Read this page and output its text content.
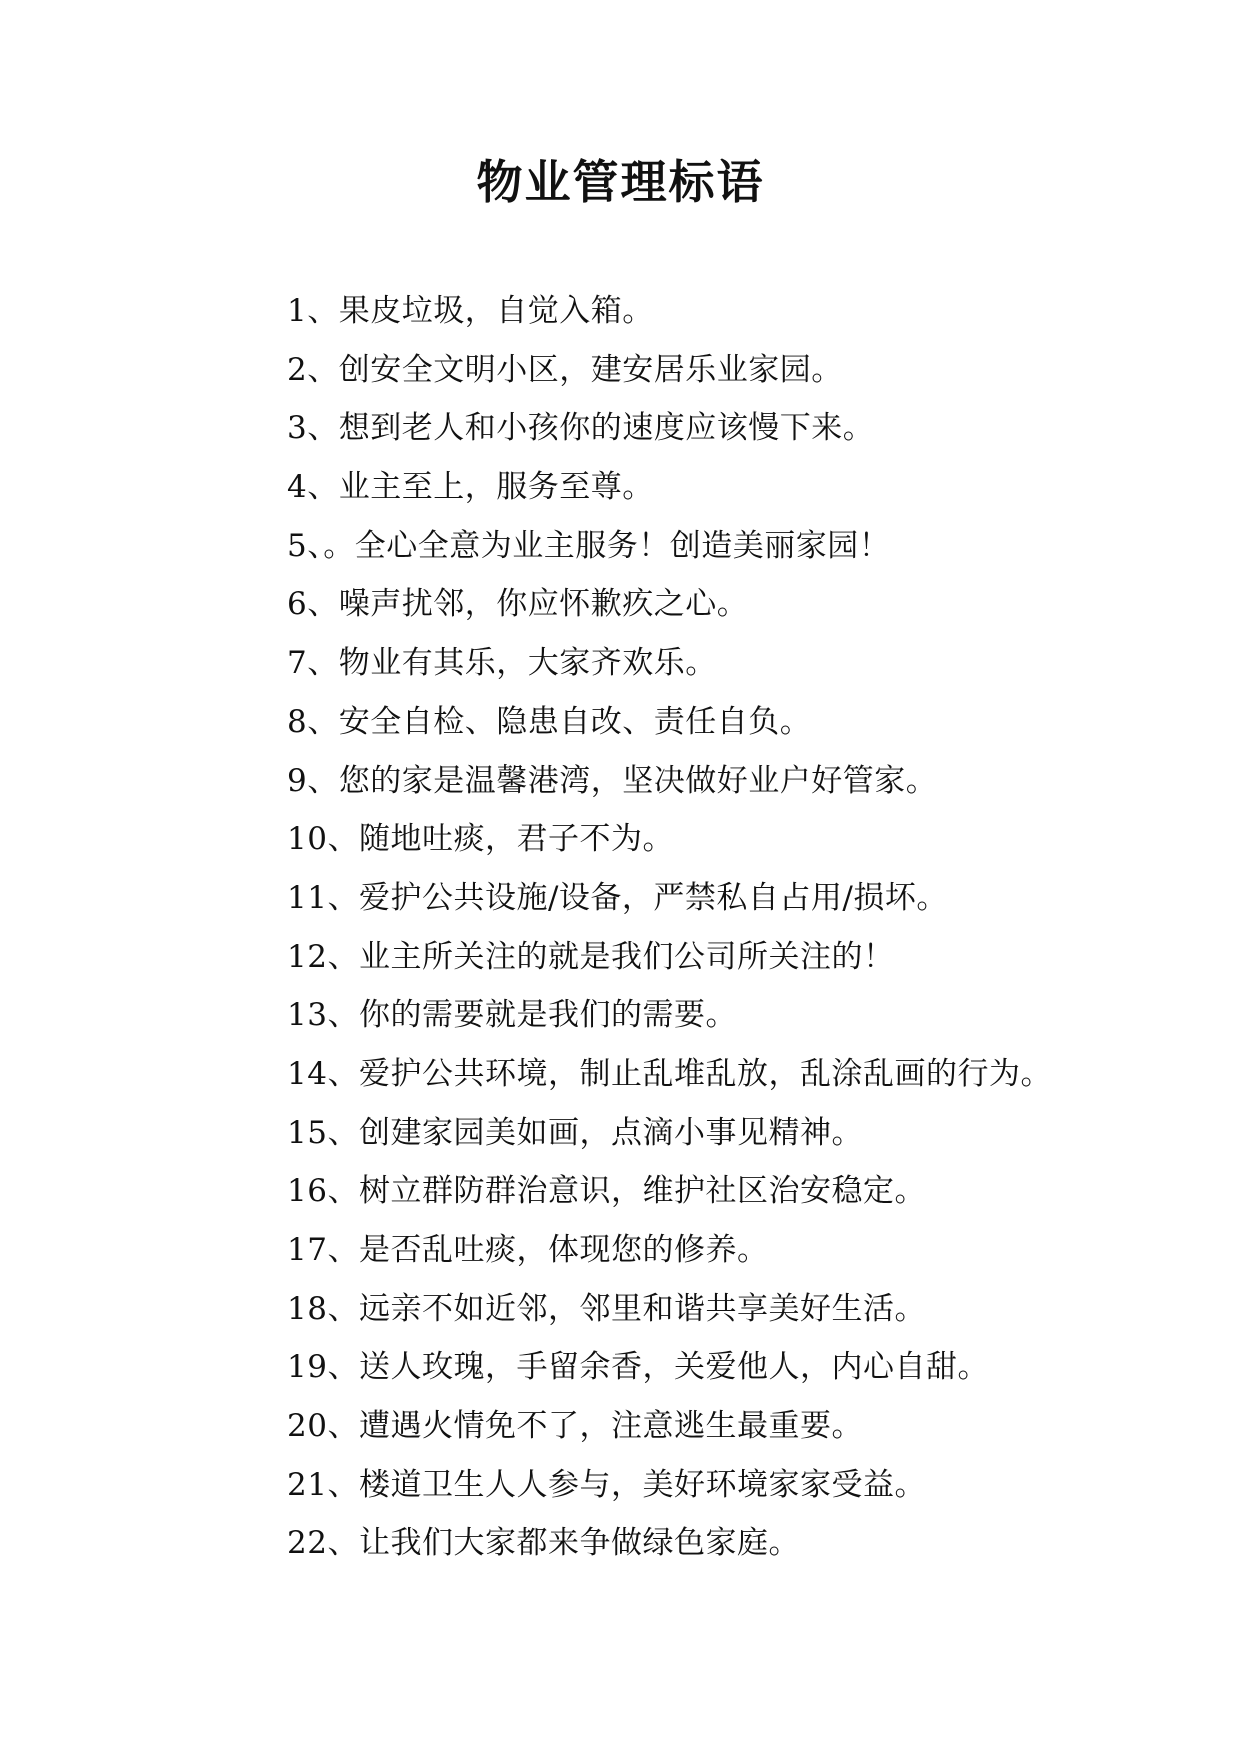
物业管理标语
1、果皮垃圾，自觉入箱。
2、创安全文明小区，建安居乐业家园。
3、想到老人和小孩你的速度应该慢下来。
4、业主至上，服务至尊。
5、。全心全意为业主服务！创造美丽家园！
6、噪声扰邻，你应怀歉疚之心。
7、物业有其乐，大家齐欢乐。
8、安全自检、隐患自改、责任自负。
9、您的家是温馨港湾，坚决做好业户好管家。
10、随地吐痰，君子不为。
11、爱护公共设施/设备，严禁私自占用/损坏。
12、业主所关注的就是我们公司所关注的！
13、你的需要就是我们的需要。
14、爱护公共环境，制止乱堆乱放，乱涂乱画的行为。
15、创建家园美如画，点滴小事见精神。
16、树立群防群治意识，维护社区治安稳定。
17、是否乱吐痰，体现您的修养。
18、远亲不如近邻，邻里和谐共享美好生活。
19、送人玫瑰，手留余香，关爱他人，内心自甜。
20、遭遇火情免不了，注意逃生最重要。
21、楼道卫生人人参与，美好环境家家受益。
22、让我们大家都来争做绿色家庭。
